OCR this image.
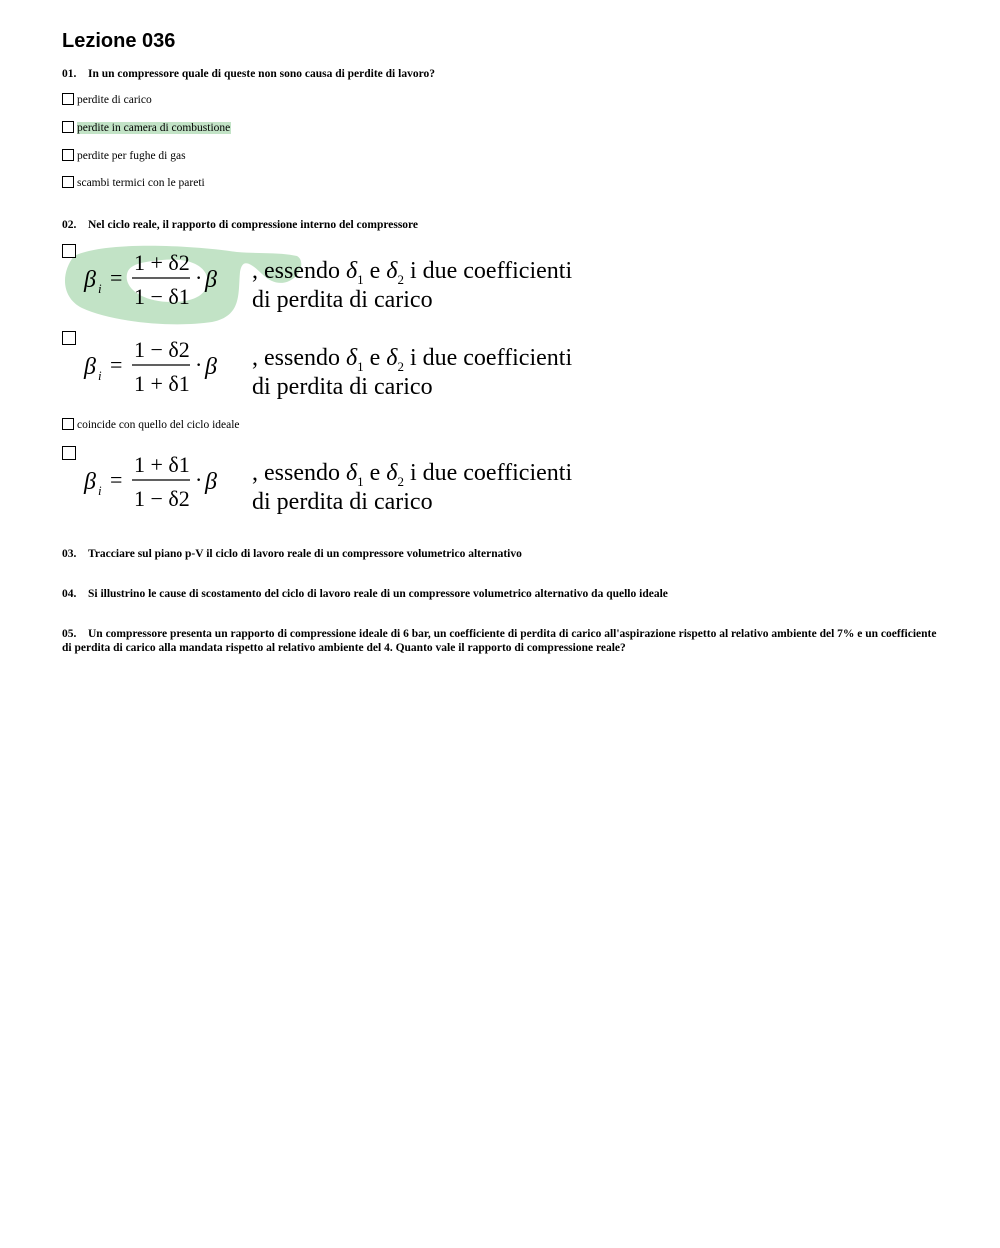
Lezione 036
01. In un compressore quale di queste non sono causa di perdite di lavoro?
perdite di carico
perdite in camera di combustione
perdite per fughe di gas
scambi termici con le pareti
02. Nel ciclo reale, il rapporto di compressione interno del compressore
β i =
1 + δ2
1 − δ1
· β , essendo $\delta_1$ e $\delta_2$ i due coefficienti
di perdita di carico
β i =
1 − δ2
1 + δ1
· β , essendo $\delta_1$ e $\delta_2$ i due coefficienti
di perdita di carico
coincide con quello del ciclo ideale
β i =
1 + δ1
1 − δ2
· β , essendo $\delta_1$ e $\delta_2$ i due coefficienti
di perdita di carico
03. Tracciare sul piano p-V il ciclo di lavoro reale di un compressore volumetrico alternativo
04. Si illustrino le cause di scostamento del ciclo di lavoro reale di un compressore volumetrico alternativo da quello ideale
05. Un compressore presenta un rapporto di compressione ideale di 6 bar, un coefficiente di perdita di carico all'aspirazione rispetto al relativo ambiente del 7% e un coefficiente di perdita di carico alla mandata rispetto al relativo ambiente del 4. Quanto vale il rapporto di compressione reale?
